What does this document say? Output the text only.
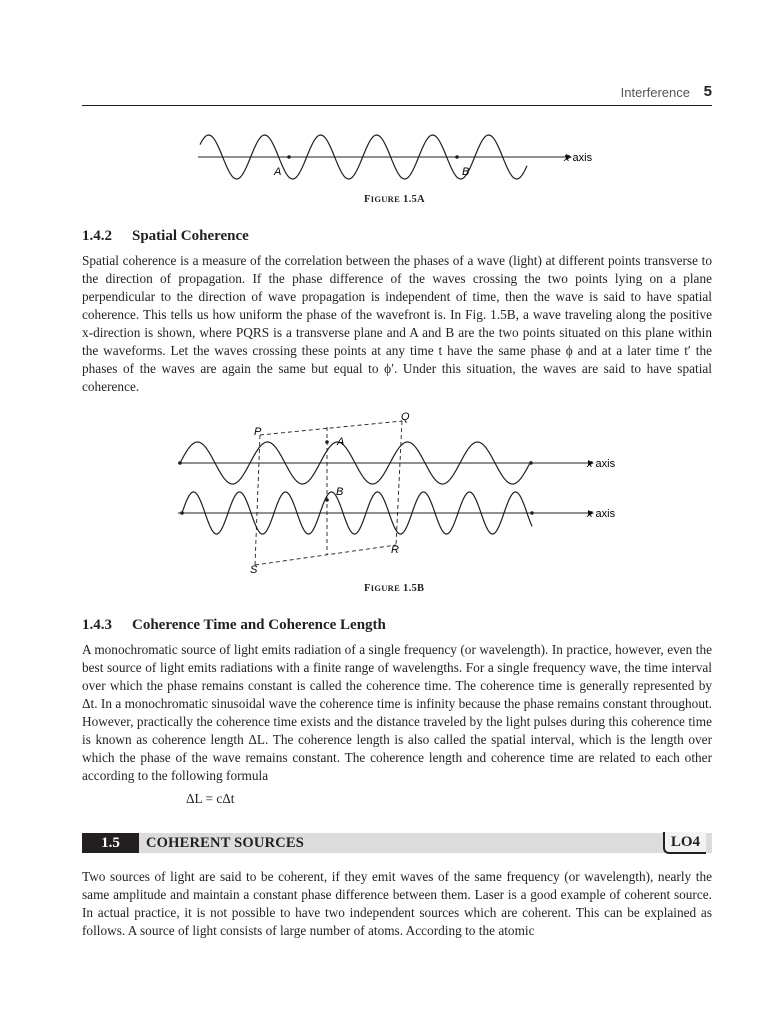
Interference 5
A	B
x axis
FIGURE 1.5A
1.4.2 Spatial Coherence
Spatial coherence is a measure of the correlation between the phases of a wave (light) at different points transverse to the direction of propagation. If the phase difference of the waves crossing the two points lying on a plane perpendicular to the direction of wave propagation is independent of time, then the wave is said to have spatial coherence. This tells us how uniform the phase of the wavefront is. In Fig. 1.5B, a wave traveling along the positive x-direction is shown, where PQRS is a transverse plane and A and B are the two points situated on this plane within the waveforms. Let the waves crossing these points at any time t have the same phase ϕ and at a later time t′ the phases of the waves are again the same but equal to ϕ′. Under this situation, the waves are said to have spatial coherence.
P
Q
R
S
A
B
x axis
x axis
FIGURE 1.5B
1.4.3 Coherence Time and Coherence Length
A monochromatic source of light emits radiation of a single frequency (or wavelength). In practice, however, even the best source of light emits radiations with a finite range of wavelengths. For a single frequency wave, the time interval over which the phase remains constant is called the coherence time. The coherence time is generally represented by Δt. In a monochromatic sinusoidal wave the coherence time is infinity because the phase remains constant throughout. However, practically the coherence time exists and the distance traveled by the light pulses during this coherence time is known as coherence length ΔL. The coherence length is also called the spatial interval, which is the length over which the phase of the wave remains constant. The coherence length and coherence time are related to each other according to the following formula
ΔL = cΔt
1.5	COHERENT SOURCES	LO4
Two sources of light are said to be coherent, if they emit waves of the same frequency (or wavelength), nearly the same amplitude and maintain a constant phase difference between them. Laser is a good example of coherent source. In actual practice, it is not possible to have two independent sources which are coherent. This can be explained as follows. A source of light consists of large number of atoms. According to the atomic
